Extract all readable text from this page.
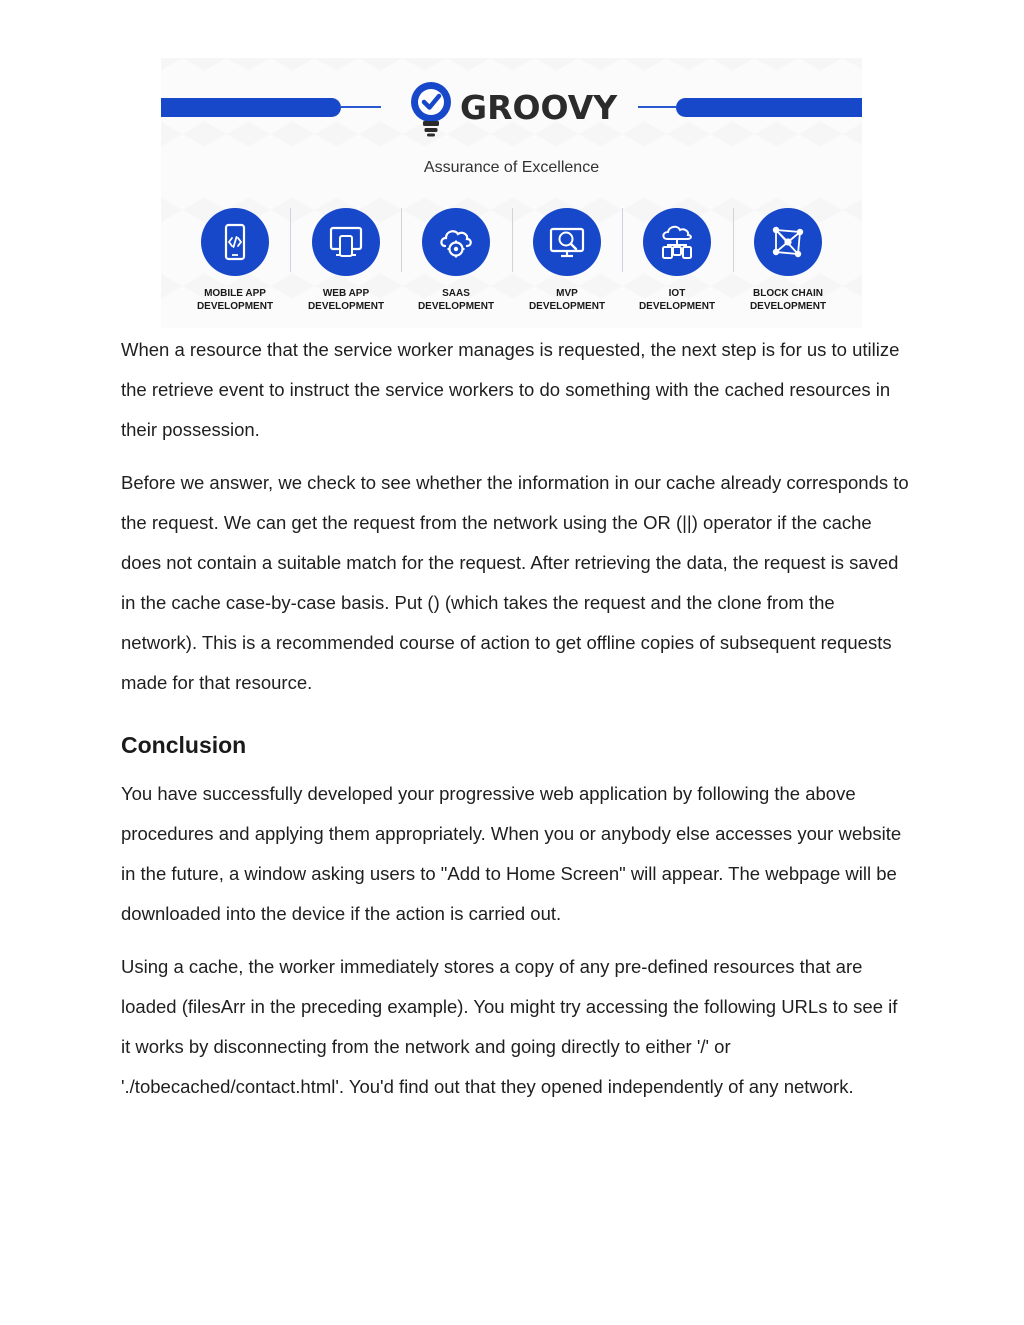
GROOVY
Assurance of Excellence
MOBILE APP
DEVELOPMENT
WEB APP
DEVELOPMENT
SAAS
DEVELOPMENT
MVP
DEVELOPMENT
IOT
DEVELOPMENT
BLOCK CHAIN
DEVELOPMENT

When a resource that the service worker manages is requested, the next step is for us to utilize the retrieve event to instruct the service workers to do something with the cached resources in their possession.

Before we answer, we check to see whether the information in our cache already corresponds to the request. We can get the request from the network using the OR (||) operator if the cache does not contain a suitable match for the request. After retrieving the data, the request is saved in the cache case-by-case basis. Put () (which takes the request and the clone from the network). This is a recommended course of action to get offline copies of subsequent requests made for that resource.

Conclusion

You have successfully developed your progressive web application by following the above procedures and applying them appropriately. When you or anybody else accesses your website in the future, a window asking users to "Add to Home Screen" will appear. The webpage will be downloaded into the device if the action is carried out.

Using a cache, the worker immediately stores a copy of any pre-defined resources that are loaded (filesArr in the preceding example). You might try accessing the following URLs to see if it works by disconnecting from the network and going directly to either '/' or './tobecached/contact.html'. You'd find out that they opened independently of any network.
